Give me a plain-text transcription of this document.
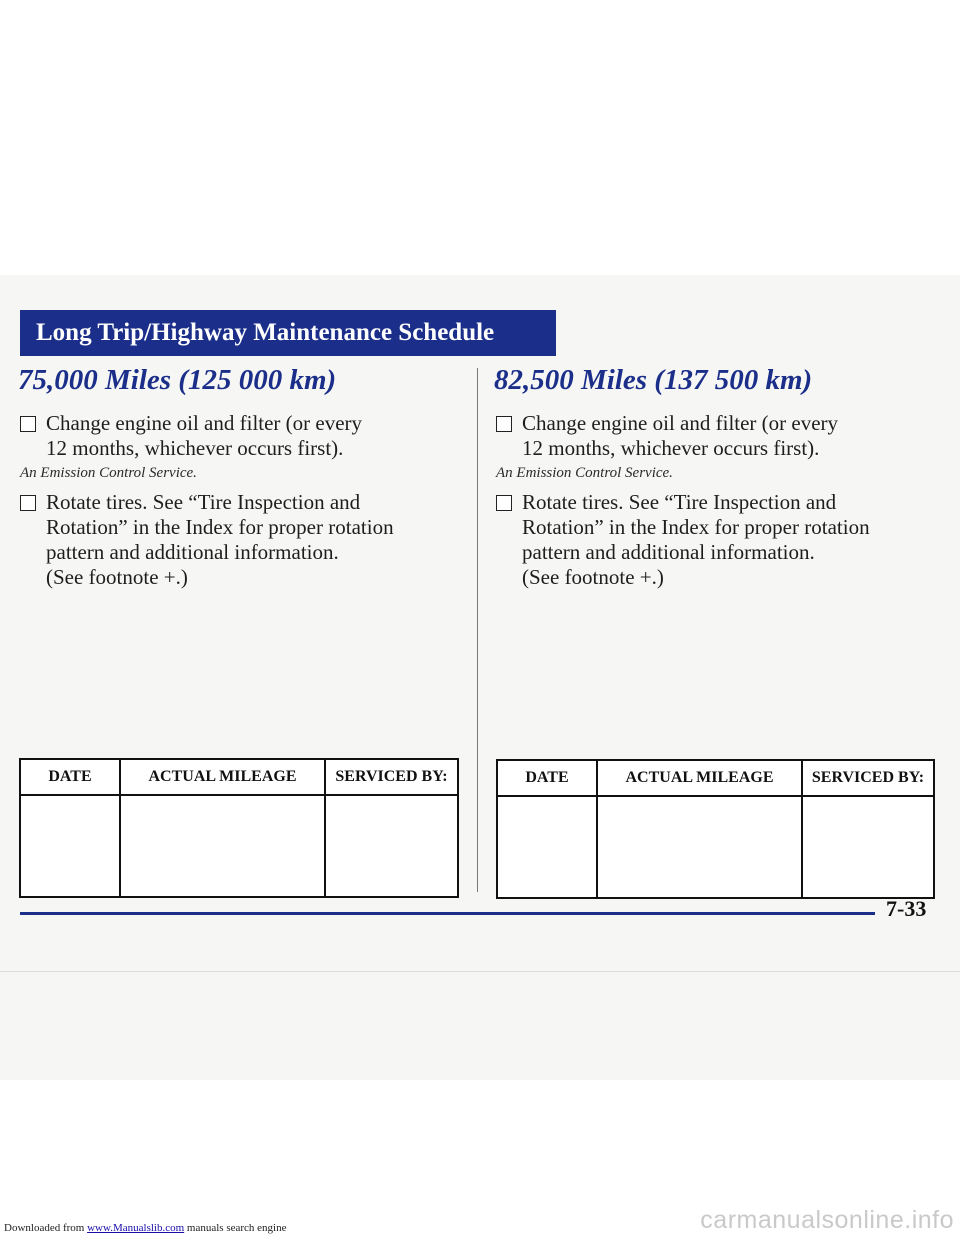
Long Trip/Highway Maintenance Schedule
75,000 Miles (125 000 km)
Change engine oil and filter (or every
12 months, whichever occurs first).
An Emission Control Service.
Rotate tires. See “Tire Inspection and
Rotation” in the Index for proper rotation
pattern and additional information.
(See footnote +.)
82,500 Miles (137 500 km)
Change engine oil and filter (or every
12 months, whichever occurs first).
An Emission Control Service.
Rotate tires. See “Tire Inspection and
Rotation” in the Index for proper rotation
pattern and additional information.
(See footnote +.)
DATE	ACTUAL MILEAGE	SERVICED BY:
			DATE	ACTUAL MILEAGE	SERVICED BY:

7-33
Downloaded from www.Manualslib.com manuals search engine	carmanualsonline.info
